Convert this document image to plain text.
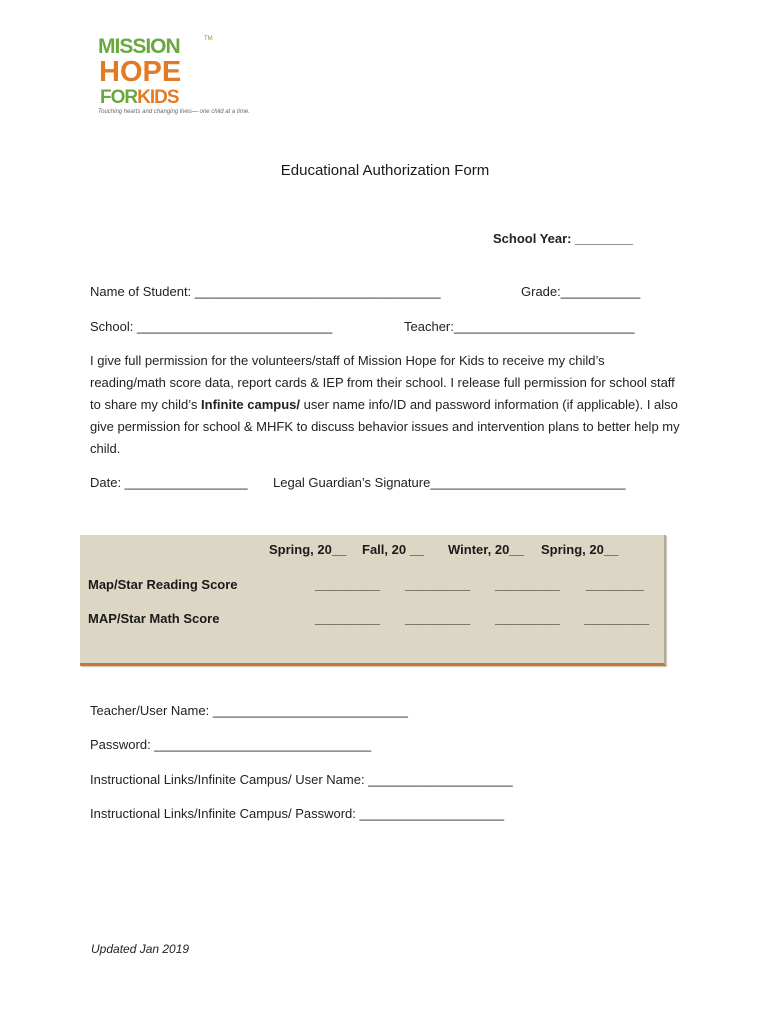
MISSION	TM
HOPE
FORKIDS
Touching hearts and changing lives— one child at a time.
Educational Authorization Form
School Year: ________
Name of Student: __________________________________	Grade:___________
School: ___________________________	Teacher:_________________________
I give full permission for the volunteers/staff of Mission Hope for Kids to receive my child’s reading/math score data, report cards & IEP from their school. I release full permission for school staff to share my child’s Infinite campus/ user name info/ID and password information (if applicable). I also give permission for school & MHFK to discuss behavior issues and intervention plans to better help my child.
Date: _________________ Legal Guardian’s Signature___________________________
Spring, 20__ Fall, 20 __ Winter, 20__ Spring, 20__
Map/Star Reading Score	_________ _________ _________ ________
MAP/Star Math Score	_________ _________ _________ _________
Teacher/User Name: ___________________________
Password: ______________________________
Instructional Links/Infinite Campus/ User Name: ____________________
Instructional Links/Infinite Campus/ Password: ____________________
Updated Jan 2019
